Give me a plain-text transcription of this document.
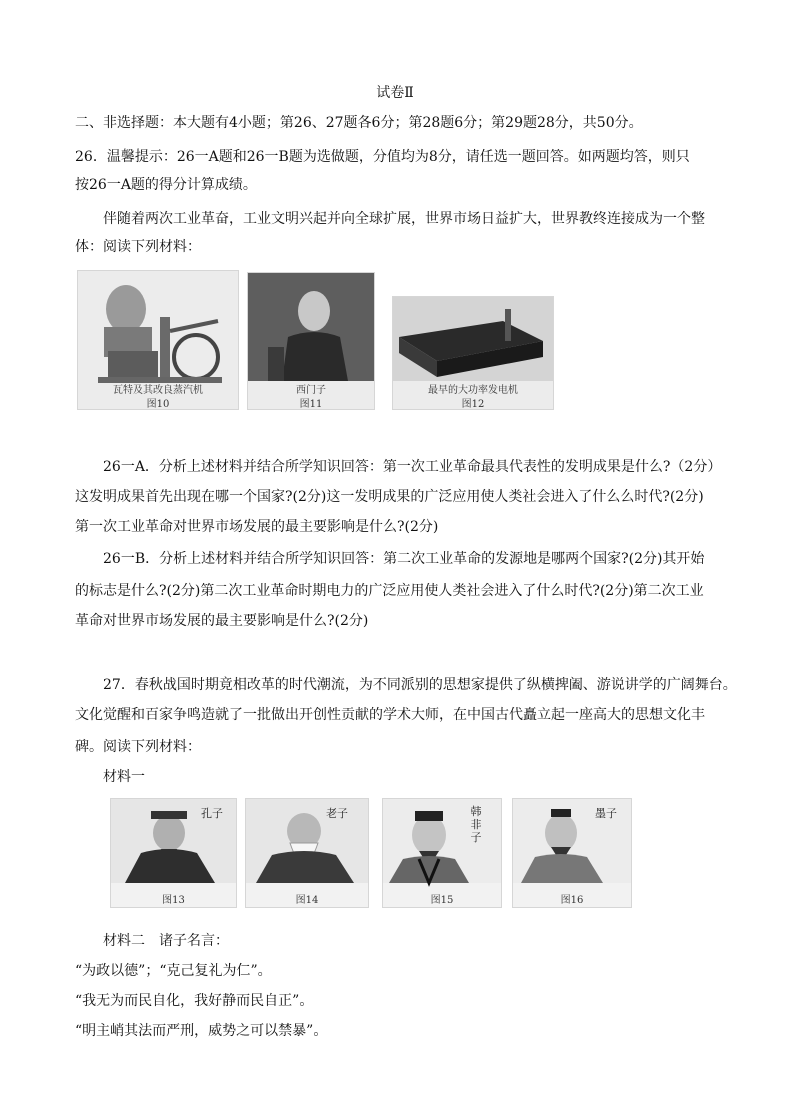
试卷Ⅱ
二、非选择题：本大题有4小题；第26、27题各6分；第28题6分；第29题28分，共50分。
26．温馨提示：26一A题和26一B题为选做题，分值均为8分，请任选一题回答。如两题均答，则只
按26一A题的得分计算成绩。
伴随着两次工业革奋，工业文明兴起并向全球扩展，世界市场日益扩大，世界教终连接成为一个整
体：阅读下列材料：
瓦特及其改良蒸汽机
图10
西门子
图11
最早的大功率发电机
图12
26一A．分析上述材料并结合所学知识回答：第一次工业革命最具代表性的发明成果是什么?（2分）
这发明成果首先出现在哪一个国家?(2分)这一发明成果的广泛应用使人类社会进入了什么么时代?(2分)
第一次工业革命对世界市场发展的最主要影响是什么?(2分)
26一B．分析上述材料并结合所学知识回答：第二次工业革命的发源地是哪两个国家?(2分)其开始
的标志是什么?(2分)第二次工业革命时期电力的广泛应用使人类社会进入了什么时代?(2分)第二次工业
革命对世界市场发展的最主要影响是什么?(2分)
27．春秋战国时期竟相改革的时代潮流，为不同派别的思想家提供了纵横捭阖、游说讲学的广阔舞台。
文化觉醒和百家争鸣造就了一批做出开创性贡献的学术大师，在中国古代矗立起一座高大的思想文化丰
碑。阅读下列材料：
材料一
孔子
图13
老子
图14
韩非子
图15
墨子
图16
材料二　诸子名言：
“为政以德”；“克己复礼为仁”。
“我无为而民自化，我好静而民自正”。
“明主峭其法而严刑，威势之可以禁暴”。
